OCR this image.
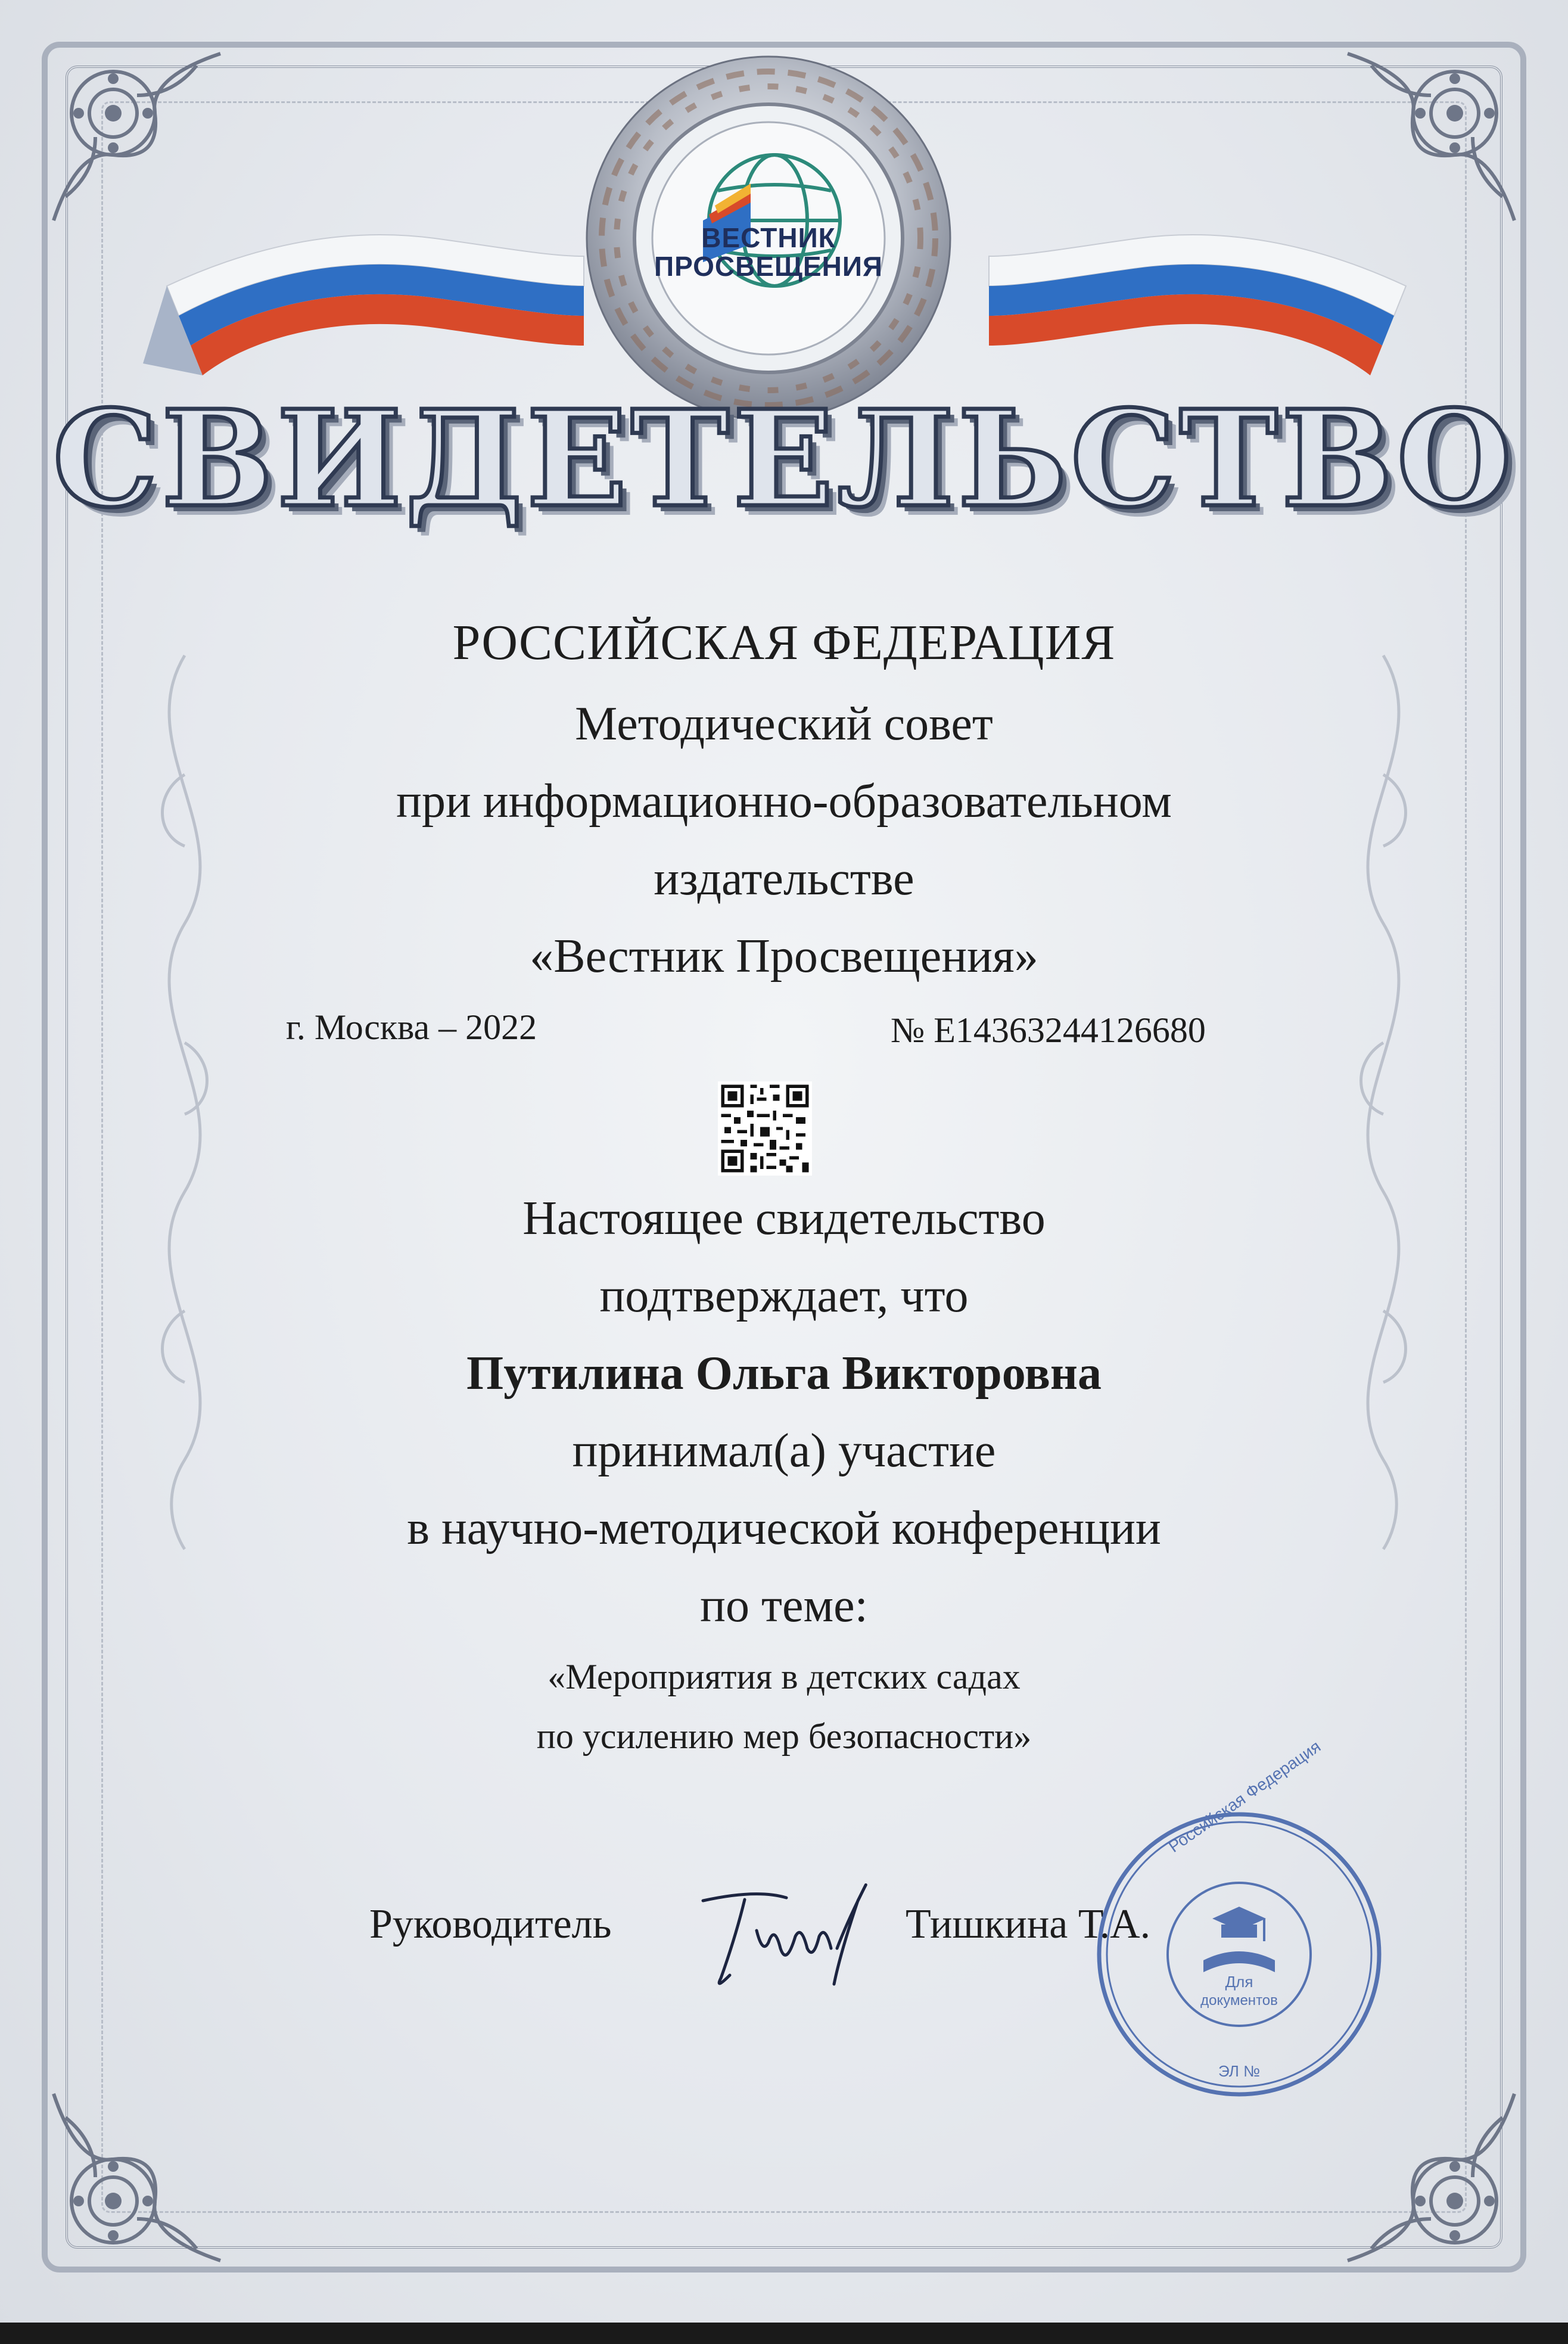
ВЕСТНИК
ПРОСВЕЩЕНИЯ
СВИДЕТЕЛЬСТВО
РОССИЙСКАЯ ФЕДЕРАЦИЯ
Методический совет
при информационно-образовательном
издательстве
«Вестник Просвещения»
г. Москва – 2022	№ Е14363244126680
Настоящее свидетельство
подтверждает, что
Путилина Ольга Викторовна
принимал(а) участие
в научно-методической конференции
по теме:
«Мероприятия в детских садах
по усилению мер безопасности»
Руководитель	Тишкина Т.А.
Для
документов
ЭЛ №
Российская Федерация
